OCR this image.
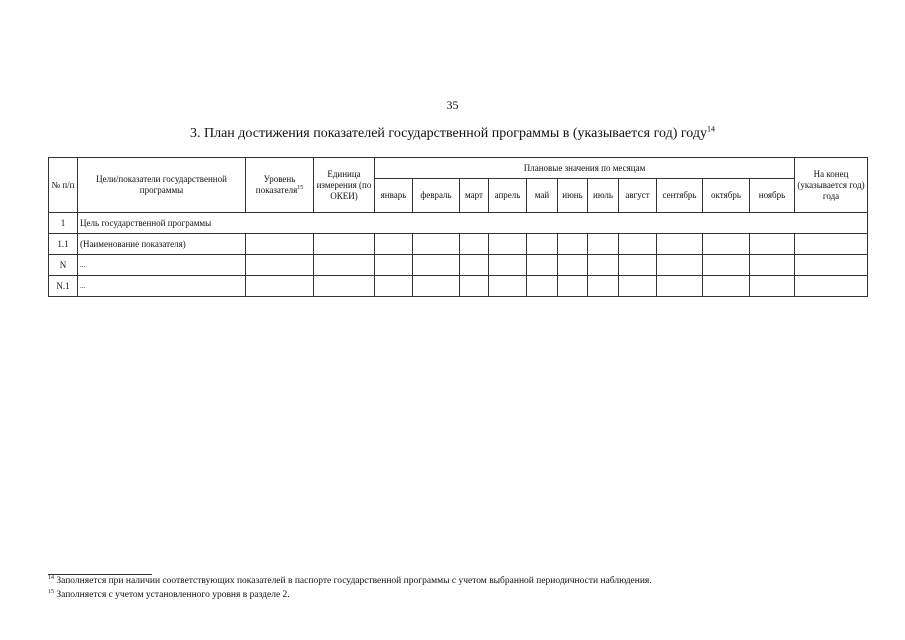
35
3. План достижения показателей государственной программы в (указывается год) году$^{14}$
№ п/п	Цели/показатели государственной программы	Уровень показателя$^{15}$	Единица измерения (по ОКЕИ)	Плановые значения по месяцам											На конец (указывается год) года
				январь	февраль	март	апрель	май	июнь	июль	август	сентябрь	октябрь	ноябрь	
1	Цель государственной программы														
1.1	(Наименование показателя)														
N	...														
N.1	...														
$^{14}$ Заполняется при наличии соответствующих показателей в паспорте государственной программы с учетом выбранной периодичности наблюдения.
$^{15}$ Заполняется с учетом установленного уровня в разделе 2.
